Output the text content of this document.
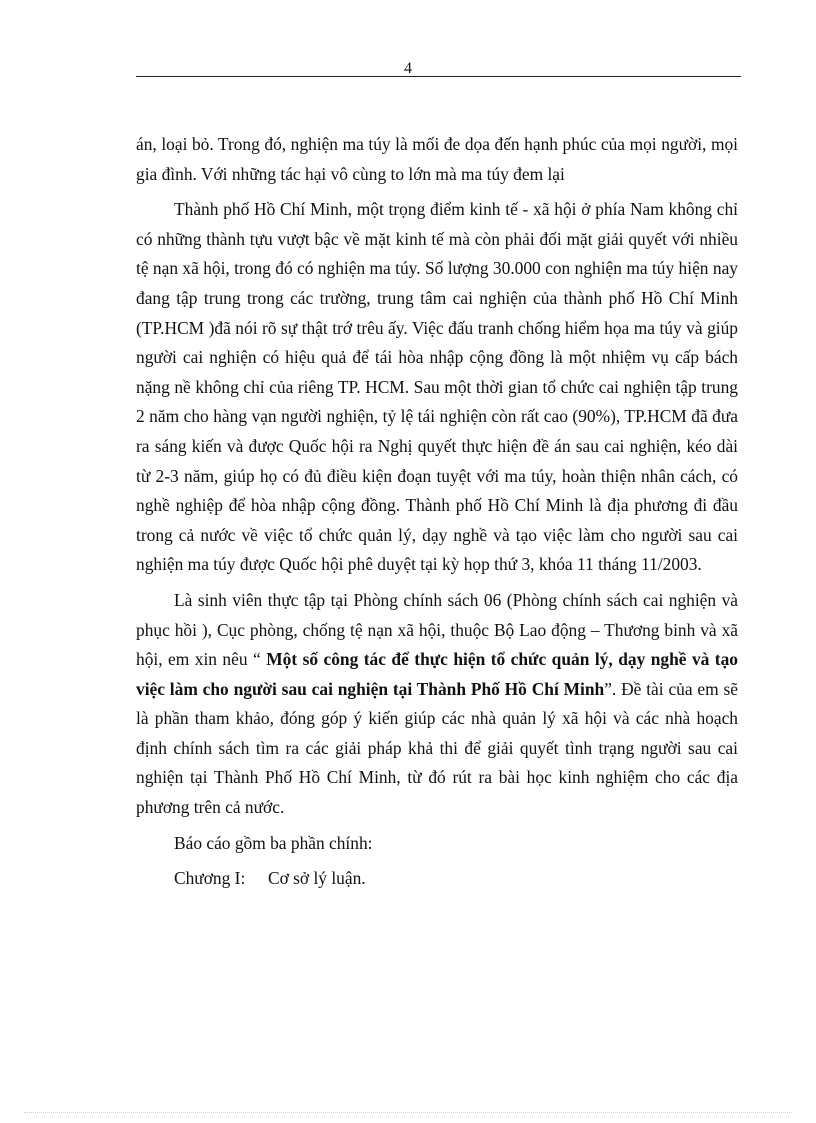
4

án, loại bỏ. Trong đó, nghiện ma túy là mối đe dọa đến hạnh phúc của mọi người, mọi gia đình. Với những tác hại vô cùng to lớn mà ma túy đem lại

Thành phố Hồ Chí Minh, một trọng điểm kinh tế - xã hội ở phía Nam không chỉ có những thành tựu vượt bậc về mặt kinh tế mà còn phải đối mặt giải quyết với nhiều tệ nạn xã hội, trong đó có nghiện ma túy. Số lượng 30.000 con nghiện ma túy hiện nay đang tập trung trong các trường, trung tâm cai nghiện của thành phố Hồ Chí Minh (TP.HCM )đã nói rõ sự thật trớ trêu ấy. Việc đấu tranh chống hiểm họa ma túy và giúp người cai nghiện có hiệu quả để tái hòa nhập cộng đồng là một nhiệm vụ cấp bách nặng nề không chỉ của riêng TP. HCM. Sau một thời gian tổ chức cai nghiện tập trung 2 năm cho hàng vạn người nghiện, tỷ lệ tái nghiện còn rất cao (90%), TP.HCM đã đưa ra sáng kiến và được Quốc hội ra Nghị quyết thực hiện đề án sau cai nghiện, kéo dài từ 2-3 năm, giúp họ có đủ điều kiện đoạn tuyệt với ma túy, hoàn thiện nhân cách, có nghề nghiệp để hòa nhập cộng đồng. Thành phố Hồ Chí Minh là địa phương đi đầu trong cả nước về việc tổ chức quản lý, dạy nghề và tạo việc làm cho người sau cai nghiện ma túy được Quốc hội phê duyệt tại kỳ họp thứ 3, khóa 11 tháng 11/2003.

Là sinh viên thực tập tại Phòng chính sách 06 (Phòng chính sách cai nghiện và phục hồi ), Cục phòng, chống tệ nạn xã hội, thuộc Bộ Lao động – Thương binh và xã hội, em xin nêu “ Một số công tác để thực hiện tổ chức quản lý, dạy nghề và tạo việc làm cho người sau cai nghiện tại Thành Phố Hồ Chí Minh”. Đề tài của em sẽ là phần tham khảo, đóng góp ý kiến giúp các nhà quản lý xã hội và các nhà hoạch định chính sách tìm ra các giải pháp khả thi để giải quyết tình trạng người sau cai nghiện tại Thành Phố Hồ Chí Minh, từ đó rút ra bài học kinh nghiệm cho các địa phương trên cả nước.

Báo cáo gồm ba phần chính:

Chương I: Cơ sở lý luận.
